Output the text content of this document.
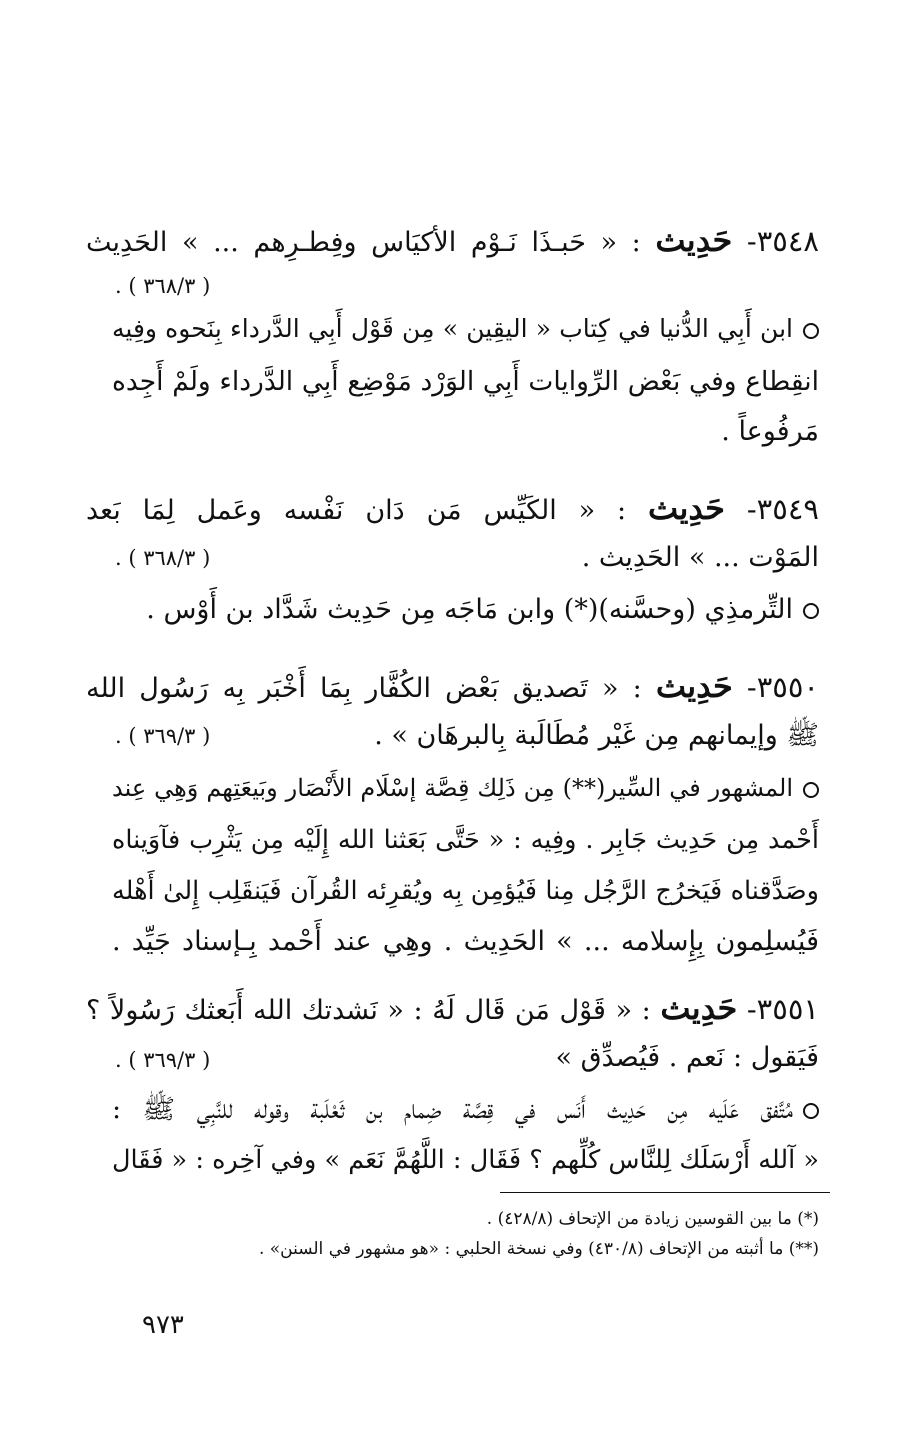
٣٥٤٨- حَدِيث : « حَبـذَا نَـوْم الأكيَاس وفِطـرِهم ... » الحَدِيث
( ٣٦٨/٣ ) .
ابن أَبِي الدُّنيا في كِتاب « اليقِين » مِن قَوْل أَبِي الدَّرداء بِنَحوه وفِيه
انقِطاع وفي بَعْض الرِّوايات أَبِي الوَرْد مَوْضِع أَبِي الدَّرداء ولَمْ أَجِده
مَرفُوعاً .
٣٥٤٩- حَدِيث : « الكَيِّس مَن دَان نَفْسه وعَمل لِمَا بَعد
المَوْت ... » الحَدِيث .
( ٣٦٨/٣ ) .
التِّرمذِي (وحسَّنه)(*) وابن مَاجَه مِن حَدِيث شَدَّاد بن أَوْس .
٣٥٥٠- حَدِيث : « تَصديق بَعْض الكُفَّار بِمَا أَخْبَر بِه رَسُول الله
ﷺ وإيمانهم مِن غَيْر مُطَالَبة بِالبرهَان » .
( ٣٦٩/٣ ) .
المشهور في السِّير(**) مِن ذَلِك قِصَّة إسْلَام الأَنْصَار وبَيعَتِهم وَهِي عِند
أَحْمد مِن حَدِيث جَابِر . وفِيه : « حَتَّى بَعَثنا الله إِلَيْه مِن يَثْرِب فآوَيناه
وصَدَّقناه فَيَخرُج الرَّجُل مِنا فَيُؤمِن بِه ويُقرِئه القُرآن فَيَنقَلِب إِلىٰ أَهْله
فَيُسلِمون بِإِسلامه ... » الحَدِيث . وهِي عند أَحْمد بِـإسناد جَيِّد .
٣٥٥١- حَدِيث : « قَوْل مَن قَال لَهُ : « نَشدتك الله أَبَعثك رَسُولاً ؟
فَيَقول : نَعم . فَيُصدِّق »
( ٣٦٩/٣ ) .
مُتَّفق عَلَيه مِن حَدِيث أَنَس في قِصَّة ضِمام بن ثَعْلَبة وقوله للنَّبِي ﷺ :
« آلله أَرْسَلَك لِلنَّاس كُلِّهم ؟ فَقَال : اللَّهُمَّ نَعَم » وفي آخِره : « فَقَال
(*) ما بين القوسين زيادة من الإتحاف (٤٢٨/٨) .
(**) ما أثبته من الإتحاف (٤٣٠/٨) وفي نسخة الحلبي : «هو مشهور في السنن» .
٩٧٣
